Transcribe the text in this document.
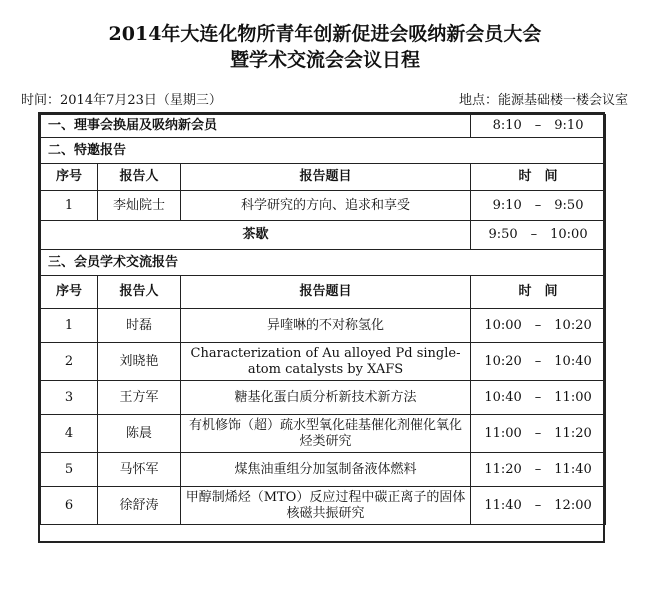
2014年大连化物所青年创新促进会吸纳新会员大会
暨学术交流会会议日程
时间：2014年7月23日（星期三）	地点：能源基础楼一楼会议室
一、理事会换届及吸纳新会员			8:10　–　9:10
二、特邀报告			
序号	报告人	报告题目	时　间
1	李灿院士	科学研究的方向、追求和享受	9:10　–　9:50
茶歇			9:50　–　10:00
三、会员学术交流报告			
序号	报告人	报告题目	时　间
1	时磊	异喹啉的不对称氢化	10:00　–　10:20
2	刘晓艳	Characterization of Au alloyed Pd single-atom catalysts by XAFS	10:20　–　10:40
3	王方军	糖基化蛋白质分析新技术新方法	10:40　–　11:00
4	陈晨	有机修饰（超）疏水型氧化硅基催化剂催化氧化烃类研究	11:00　–　11:20
5	马怀军	煤焦油重组分加氢制备液体燃料	11:20　–　11:40
6	徐舒涛	甲醇制烯烃（MTO）反应过程中碳正离子的固体核磁共振研究	11:40　–　12:00
